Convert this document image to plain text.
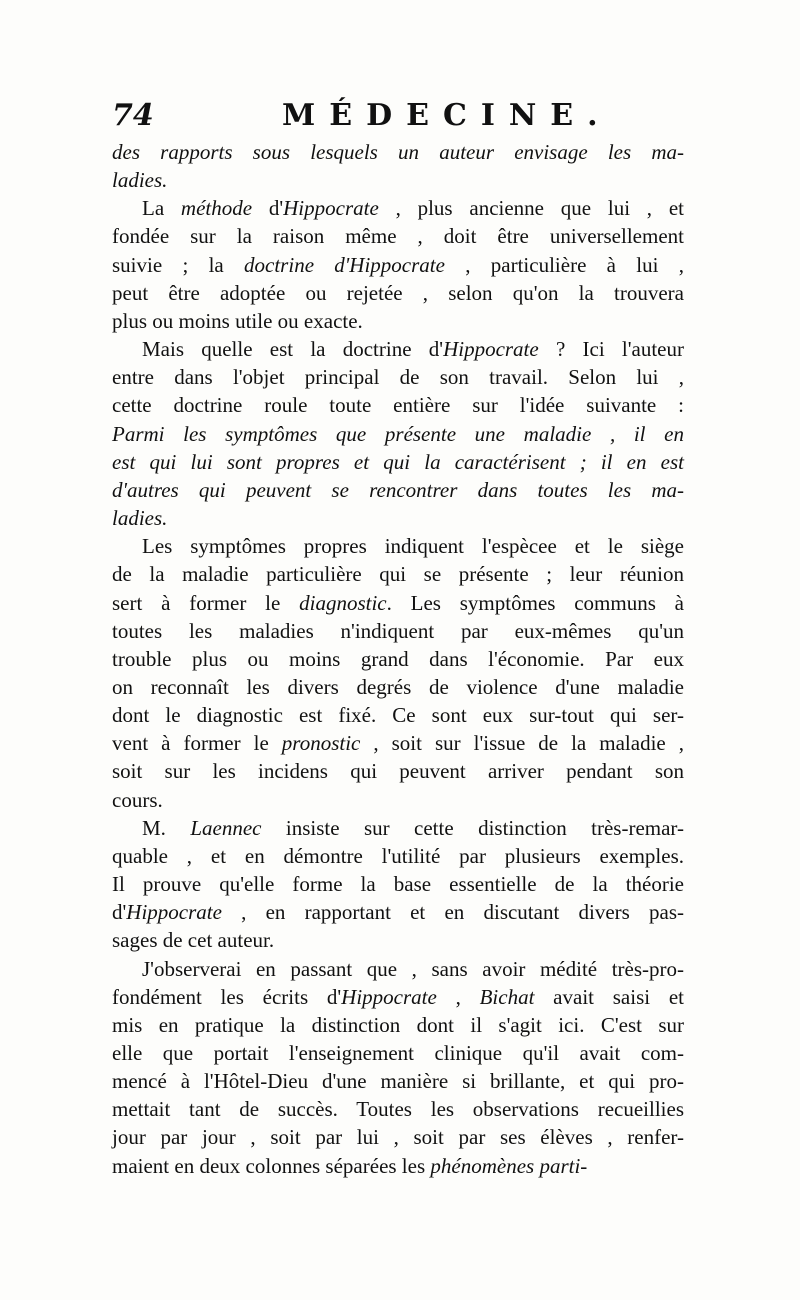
74	MÉDECINE.

des rapports sous lesquels un auteur envisage les ma-
ladies.

La méthode d'Hippocrate , plus ancienne que lui , et
fondée sur la raison même , doit être universellement
suivie ; la doctrine d'Hippocrate , particulière à lui ,
peut être adoptée ou rejetée , selon qu'on la trouvera
plus ou moins utile ou exacte.

Mais quelle est la doctrine d'Hippocrate ? Ici l'auteur
entre dans l'objet principal de son travail. Selon lui ,
cette doctrine roule toute entière sur l'idée suivante :
Parmi les symptômes que présente une maladie , il en
est qui lui sont propres et qui la caractérisent ; il en est
d'autres qui peuvent se rencontrer dans toutes les ma-
ladies.

Les symptômes propres indiquent l'espècee et le siège
de la maladie particulière qui se présente ; leur réunion
sert à former le diagnostic. Les symptômes communs à
toutes les maladies n'indiquent par eux-mêmes qu'un
trouble plus ou moins grand dans l'économie. Par eux
on reconnaît les divers degrés de violence d'une maladie
dont le diagnostic est fixé. Ce sont eux sur-tout qui ser-
vent à former le pronostic , soit sur l'issue de la maladie ,
soit sur les incidens qui peuvent arriver pendant son
cours.

M. Laennec insiste sur cette distinction très-remar-
quable , et en démontre l'utilité par plusieurs exemples.
Il prouve qu'elle forme la base essentielle de la théorie
d'Hippocrate , en rapportant et en discutant divers pas-
sages de cet auteur.

J'observerai en passant que , sans avoir médité très-pro-
fondément les écrits d'Hippocrate , Bichat avait saisi et
mis en pratique la distinction dont il s'agit ici. C'est sur
elle que portait l'enseignement clinique qu'il avait com-
mencé à l'Hôtel-Dieu d'une manière si brillante, et qui pro-
mettait tant de succès. Toutes les observations recueillies
jour par jour , soit par lui , soit par ses élèves , renfer-
maient en deux colonnes séparées les phénomènes parti-
